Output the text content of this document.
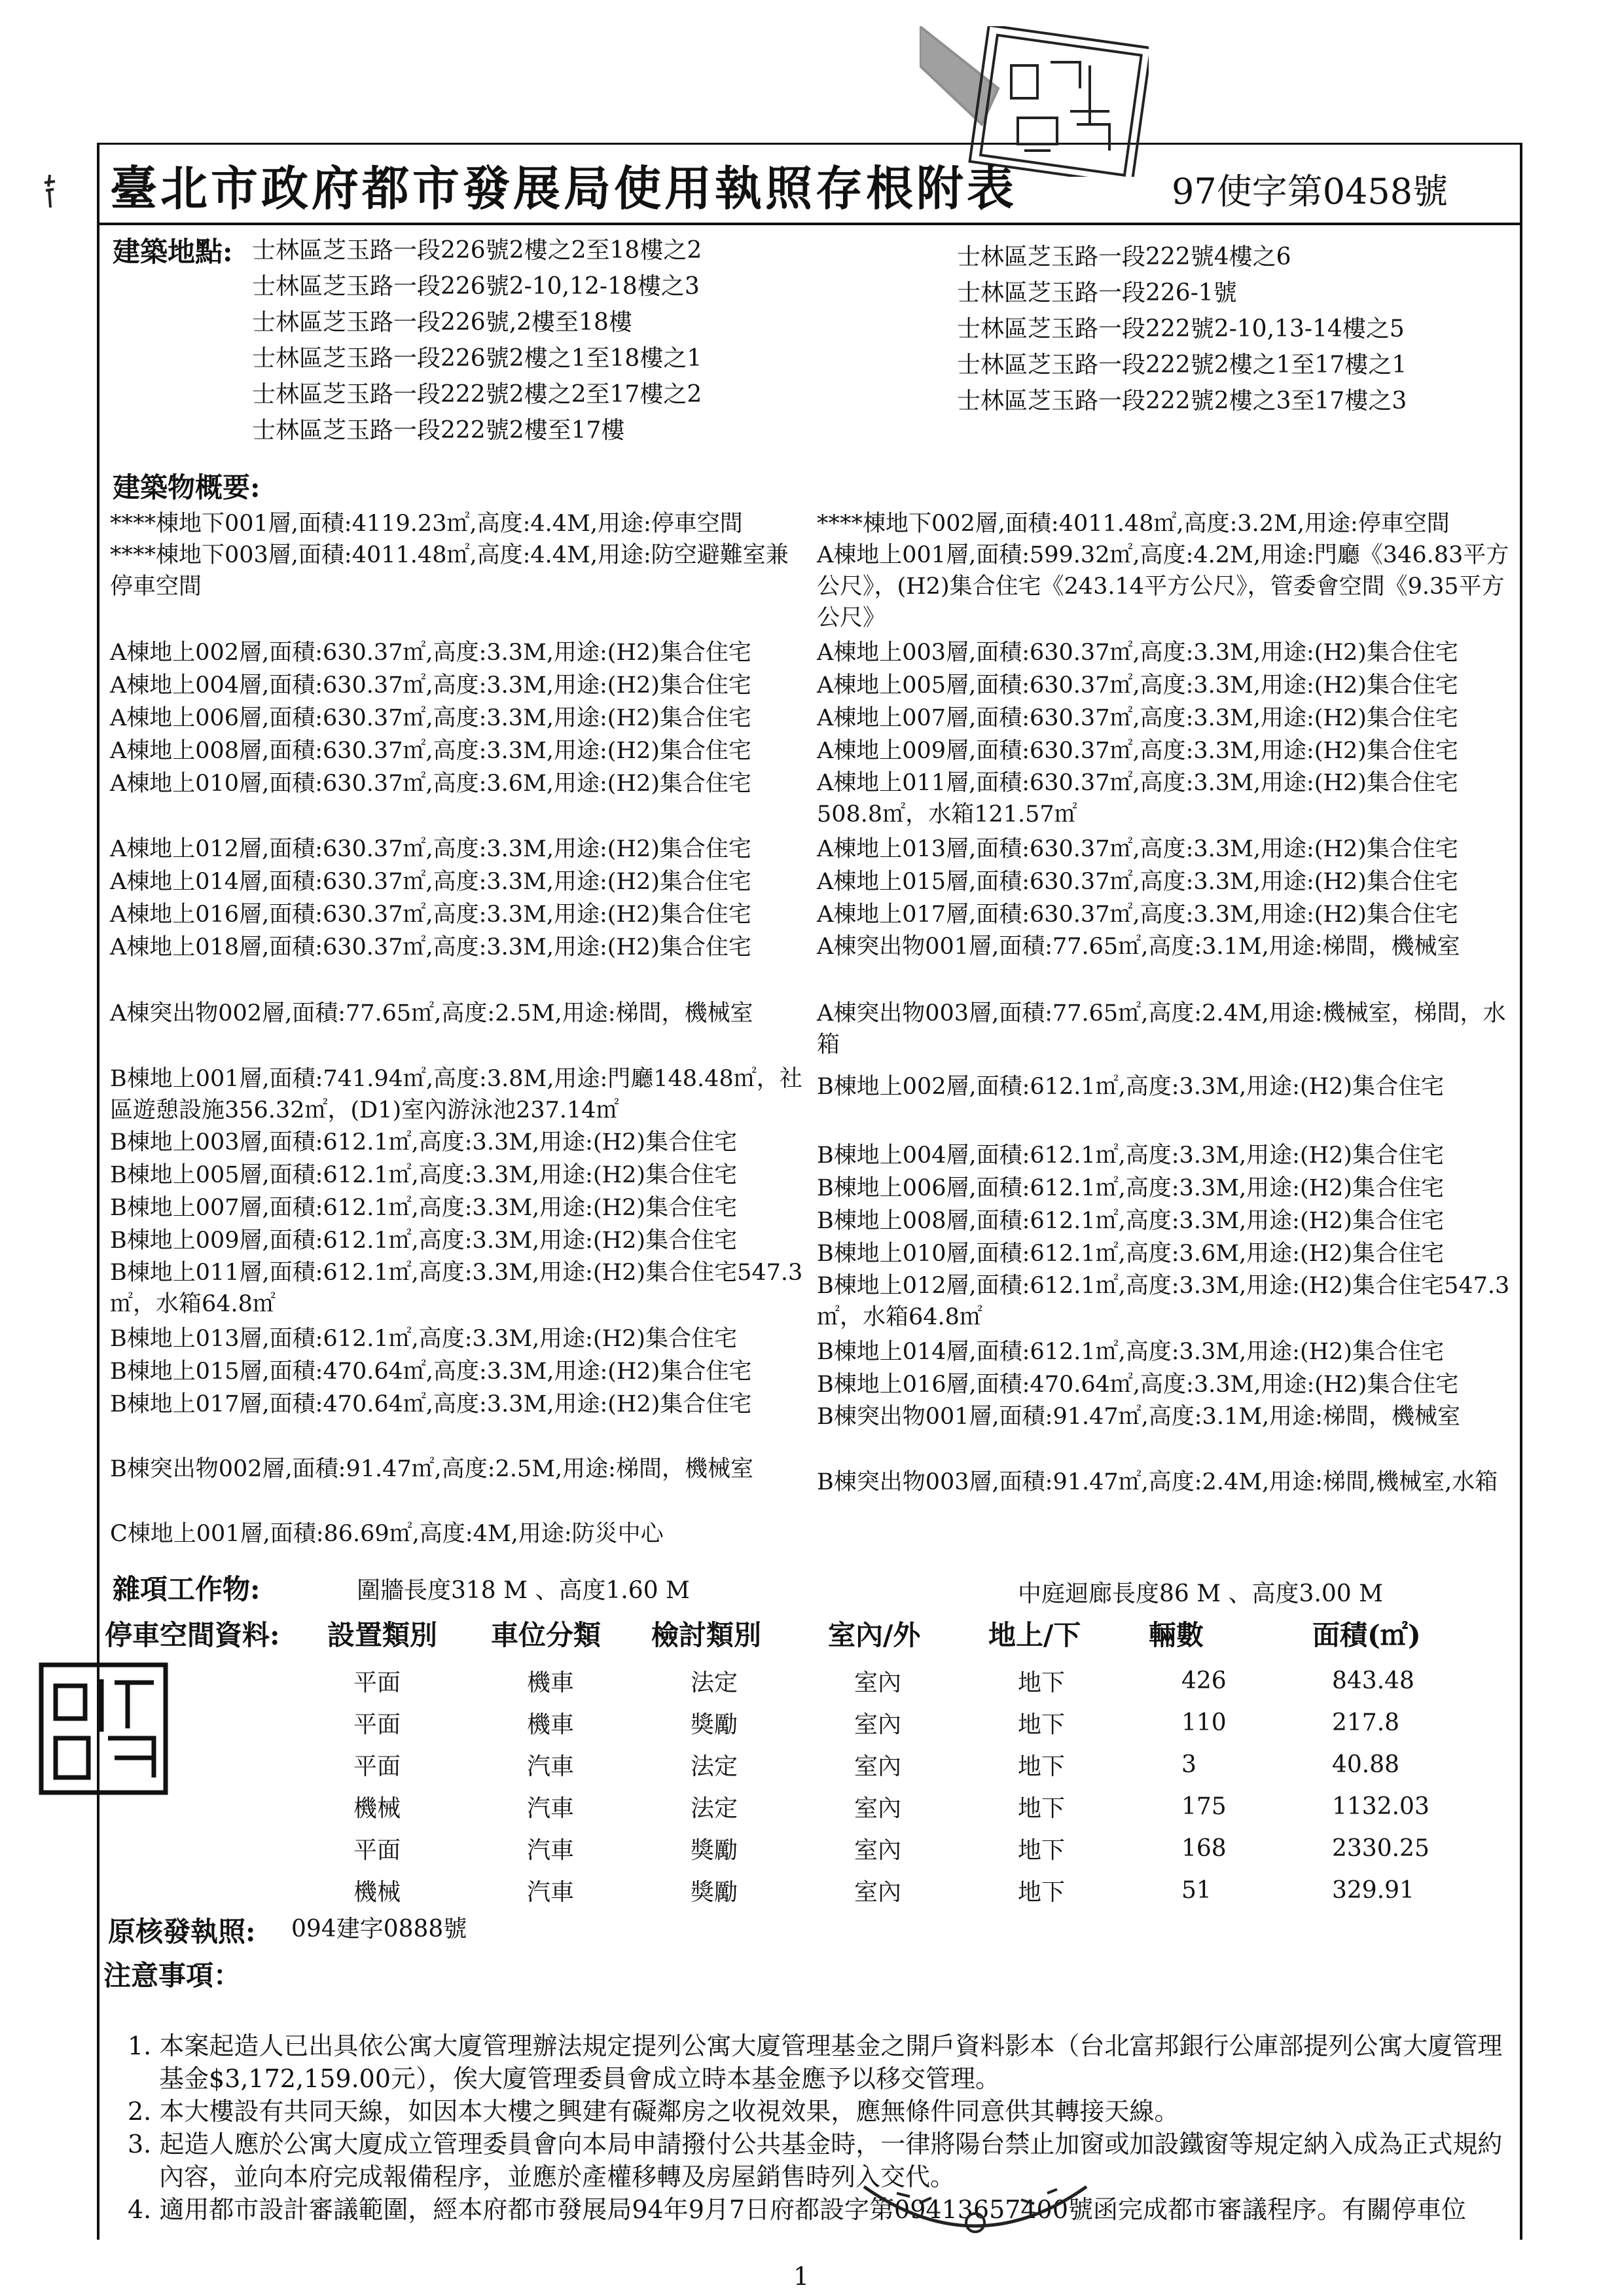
臺北市政府都市發展局使用執照存根附表	97使字第0458號
建築地點: 士林區芝玉路一段226號2樓之2至18樓之2
士林區芝玉路一段226號2-10,12-18樓之3
士林區芝玉路一段226號,2樓至18樓
士林區芝玉路一段226號2樓之1至18樓之1
士林區芝玉路一段222號2樓之2至17樓之2
士林區芝玉路一段222號2樓至17樓
士林區芝玉路一段222號4樓之6
士林區芝玉路一段226-1號
士林區芝玉路一段222號2-10,13-14樓之5
士林區芝玉路一段222號2樓之1至17樓之1
士林區芝玉路一段222號2樓之3至17樓之3
建築物概要:
****棟地下001層,面積:4119.23㎡,高度:4.4M,用途:停車空間
****棟地下003層,面積:4011.48㎡,高度:4.4M,用途:防空避難室兼停車空間
A棟地上002層,面積:630.37㎡,高度:3.3M,用途:(H2)集合住宅
A棟地上004層,面積:630.37㎡,高度:3.3M,用途:(H2)集合住宅
A棟地上006層,面積:630.37㎡,高度:3.3M,用途:(H2)集合住宅
A棟地上008層,面積:630.37㎡,高度:3.3M,用途:(H2)集合住宅
A棟地上010層,面積:630.37㎡,高度:3.6M,用途:(H2)集合住宅
A棟地上012層,面積:630.37㎡,高度:3.3M,用途:(H2)集合住宅
A棟地上014層,面積:630.37㎡,高度:3.3M,用途:(H2)集合住宅
A棟地上016層,面積:630.37㎡,高度:3.3M,用途:(H2)集合住宅
A棟地上018層,面積:630.37㎡,高度:3.3M,用途:(H2)集合住宅
A棟突出物002層,面積:77.65㎡,高度:2.5M,用途:梯間，機械室
B棟地上001層,面積:741.94㎡,高度:3.8M,用途:門廳148.48㎡，社區遊憩設施356.32㎡，(D1)室內游泳池237.14㎡
B棟地上003層,面積:612.1㎡,高度:3.3M,用途:(H2)集合住宅
B棟地上005層,面積:612.1㎡,高度:3.3M,用途:(H2)集合住宅
B棟地上007層,面積:612.1㎡,高度:3.3M,用途:(H2)集合住宅
B棟地上009層,面積:612.1㎡,高度:3.3M,用途:(H2)集合住宅
B棟地上011層,面積:612.1㎡,高度:3.3M,用途:(H2)集合住宅547.3㎡，水箱64.8㎡
B棟地上013層,面積:612.1㎡,高度:3.3M,用途:(H2)集合住宅
B棟地上015層,面積:470.64㎡,高度:3.3M,用途:(H2)集合住宅
B棟地上017層,面積:470.64㎡,高度:3.3M,用途:(H2)集合住宅
B棟突出物002層,面積:91.47㎡,高度:2.5M,用途:梯間，機械室
****棟地下002層,面積:4011.48㎡,高度:3.2M,用途:停車空間
A棟地上001層,面積:599.32㎡,高度:4.2M,用途:門廳《346.83平方公尺》，(H2)集合住宅《243.14平方公尺》，管委會空間《9.35平方公尺》
A棟地上003層,面積:630.37㎡,高度:3.3M,用途:(H2)集合住宅
A棟地上005層,面積:630.37㎡,高度:3.3M,用途:(H2)集合住宅
A棟地上007層,面積:630.37㎡,高度:3.3M,用途:(H2)集合住宅
A棟地上009層,面積:630.37㎡,高度:3.3M,用途:(H2)集合住宅
A棟地上011層,面積:630.37㎡,高度:3.3M,用途:(H2)集合住宅508.8㎡，水箱121.57㎡
A棟地上013層,面積:630.37㎡,高度:3.3M,用途:(H2)集合住宅
A棟地上015層,面積:630.37㎡,高度:3.3M,用途:(H2)集合住宅
A棟地上017層,面積:630.37㎡,高度:3.3M,用途:(H2)集合住宅
A棟突出物001層,面積:77.65㎡,高度:3.1M,用途:梯間，機械室
A棟突出物003層,面積:77.65㎡,高度:2.4M,用途:機械室，梯間，水箱
B棟地上002層,面積:612.1㎡,高度:3.3M,用途:(H2)集合住宅
B棟地上004層,面積:612.1㎡,高度:3.3M,用途:(H2)集合住宅
B棟地上006層,面積:612.1㎡,高度:3.3M,用途:(H2)集合住宅
B棟地上008層,面積:612.1㎡,高度:3.3M,用途:(H2)集合住宅
B棟地上010層,面積:612.1㎡,高度:3.6M,用途:(H2)集合住宅
B棟地上012層,面積:612.1㎡,高度:3.3M,用途:(H2)集合住宅547.3㎡，水箱64.8㎡
B棟地上014層,面積:612.1㎡,高度:3.3M,用途:(H2)集合住宅
B棟地上016層,面積:470.64㎡,高度:3.3M,用途:(H2)集合住宅
B棟突出物001層,面積:91.47㎡,高度:3.1M,用途:梯間，機械室
B棟突出物003層,面積:91.47㎡,高度:2.4M,用途:梯間,機械室,水箱
C棟地上001層,面積:86.69㎡,高度:4M,用途:防災中心
雜項工作物:	圍牆長度318 M 、高度1.60 M	中庭迴廊長度86 M 、高度3.00 M
停車空間資料: 設置類別	車位分類	檢討類別	室內/外	地上/下	輛數	面積(㎡)
平面	機車	法定	室內	地下	426	843.48
平面	機車	獎勵	室內	地下	110	217.8
平面	汽車	法定	室內	地下	3	40.88
機械	汽車	法定	室內	地下	175	1132.03
平面	汽車	獎勵	室內	地下	168	2330.25
機械	汽車	獎勵	室內	地下	51	329.91
原核發執照: 094建字0888號
注意事項：

1. 本案起造人已出具依公寓大廈管理辦法規定提列公寓大廈管理基金之開戶資料影本（台北富邦銀行公庫部提列公寓大廈管理基金$3,172,159.00元），俟大廈管理委員會成立時本基金應予以移交管理。

2. 本大樓設有共同天線，如因本大樓之興建有礙鄰房之收視效果，應無條件同意供其轉接天線。

3. 起造人應於公寓大廈成立管理委員會向本局申請撥付公共基金時，一律將陽台禁止加窗或加設鐵窗等規定納入成為正式規約內容，並向本府完成報備程序，並應於產權移轉及房屋銷售時列入交代。

4. 適用都市設計審議範圍，經本府都市發展局94年9月7日府都設字第09413657400號函完成都市審議程序。有關停車位

1
